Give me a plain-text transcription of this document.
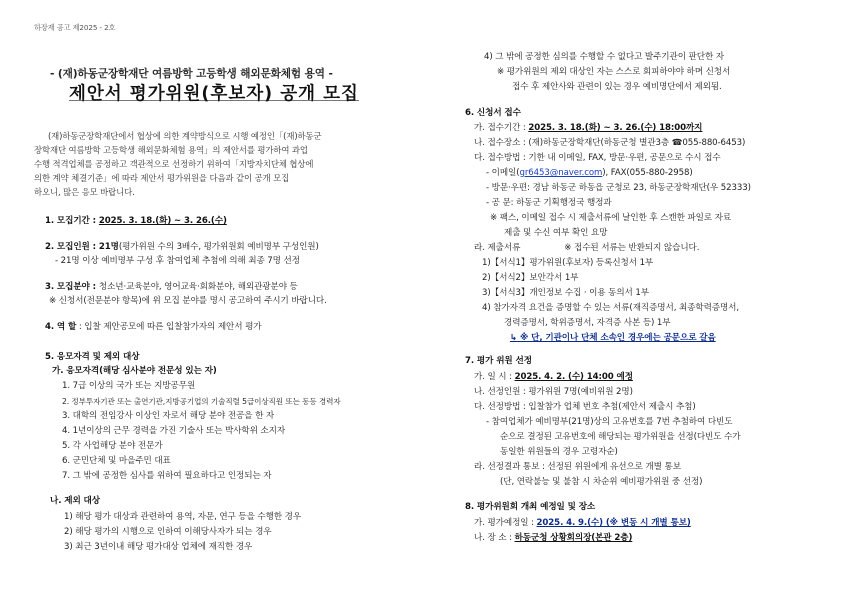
하장재 공고 제2025 - 2호
- (재)하동군장학재단 여름방학 고등학생 해외문화체험 용역 -
제안서 평가위원(후보자) 공개 모집
(재)하동군장학재단에서 협상에 의한 계약방식으로 시행 예정인「(재)하동군
장학재단 여름방학 고등학생 해외문화체험 용역」의 제안서를 평가하여 과업
수행 적격업체를 공정하고 객관적으로 선정하기 위하여「지방자치단체 협상에
의한 계약 체결기준」에 따라 제안서 평가위원을 다음과 같이 공개 모집
하오니, 많은 응모 바랍니다.
1. 모집기간 : 2025. 3. 18.(화) ~ 3. 26.(수)
2. 모집인원 : 21명(평가위원 수의 3배수, 평가위원회 예비명부 구성인원)
- 21명 이상 예비명부 구성 후 참여업체 추첨에 의해 최종 7명 선정
3. 모집분야 : 청소년·교육분야, 영어교육·회화분야, 해외관광분야 등
※ 신청서(전문분야 항목)에 위 모집 분야를 명시 공고하여 주시기 바랍니다.
4. 역 할 : 입찰 제안공모에 따른 입찰참가자의 제안서 평가
5. 응모자격 및 제외 대상
가. 응모자격(해당 심사분야 전문성 있는 자)
1. 7급 이상의 국가 또는 지방공무원
2. 정부투자기관 또는 출연기관,지방공기업의 기술직렬 5급이상직원 또는 동등 경력자
3. 대학의 전임강사 이상인 자로서 해당 분야 전공을 한 자
4. 1년이상의 근무 경력을 가진 기술사 또는 박사학위 소지자
5. 각 사업해당 분야 전문가
6. 군민단체 및 마을주민 대표
7. 그 밖에 공정한 심사를 위하여 필요하다고 인정되는 자
나. 제외 대상
1) 해당 평가 대상과 관련하여 용역, 자문, 연구 등을 수행한 경우
2) 해당 평가의 시행으로 인하여 이해당사자가 되는 경우
3) 최근 3년이내 해당 평가대상 업체에 재직한 경우
4) 그 밖에 공정한 심의를 수행할 수 없다고 발주기관이 판단한 자
※ 평가위원의 제외 대상인 자는 스스로 회피하야야 하며 신청서
접수 후 제안사와 관련이 있는 경우 예비명단에서 제외됨.
6. 신청서 접수
가. 접수기간 : 2025. 3. 18.(화) ~ 3. 26.(수) 18:00까지
나. 접수장소 : (재)하동군장학재단(하동군청 별관3층 ☎055-880-6453)
다. 접수방법 : 기한 내 이메일, FAX, 방문·우편, 공문으로 수시 접수
- 이메일(gr6453@naver.com), FAX(055-880-2958)
- 방문·우편: 경남 하동군 하동읍 군청로 23, 하동군장학재단(우 52333)
- 공 문: 하동군 기획행정국 행정과
※ 팩스, 이메일 접수 시 제출서류에 날인한 후 스캔한 파일로 자료
제출 및 수신 여부 확인 요망
라. 제출서류	※ 접수된 서류는 반환되지 않습니다.
1)【서식1】평가위원(후보자) 등록신청서 1부
2)【서식2】보안각서 1부
3)【서식3】개인정보 수집 · 이용 동의서 1부
4) 참가자격 요건을 증명할 수 있는 서류(재직증명서, 최종학력증명서,
경력증명서, 학위증명서, 자격증 사본 등) 1부
↳ ※ 단, 기관이나 단체 소속인 경우에는 공문으로 갈음
7. 평가 위원 선정
가. 일 시 : 2025. 4. 2. (수) 14:00 예정
나. 선정인원 : 평가위원 7명(예비위원 2명)
다. 선정방법 : 입찰참가 업체 번호 추첨(제안서 제출시 추첨)
- 참여업체가 예비명부(21명)상의 고유번호를 7번 추첨하여 다빈도
순으로 결정된 고유번호에 해당되는 평가위원을 선정(다빈도 수가
동일한 위원들의 경우 고령자순)
라. 선정결과 통보 : 선정된 위원에게 유선으로 개별 통보
(단, 연락불능 및 불참 시 차순위 예비평가위원 중 선정)
8. 평가위원회 개최 예정일 및 장소
가. 평가예정일 : 2025. 4. 9.(수) (※ 변동 시 개별 통보)
나. 장 소 : 하동군청 상황회의장(본관 2층)
